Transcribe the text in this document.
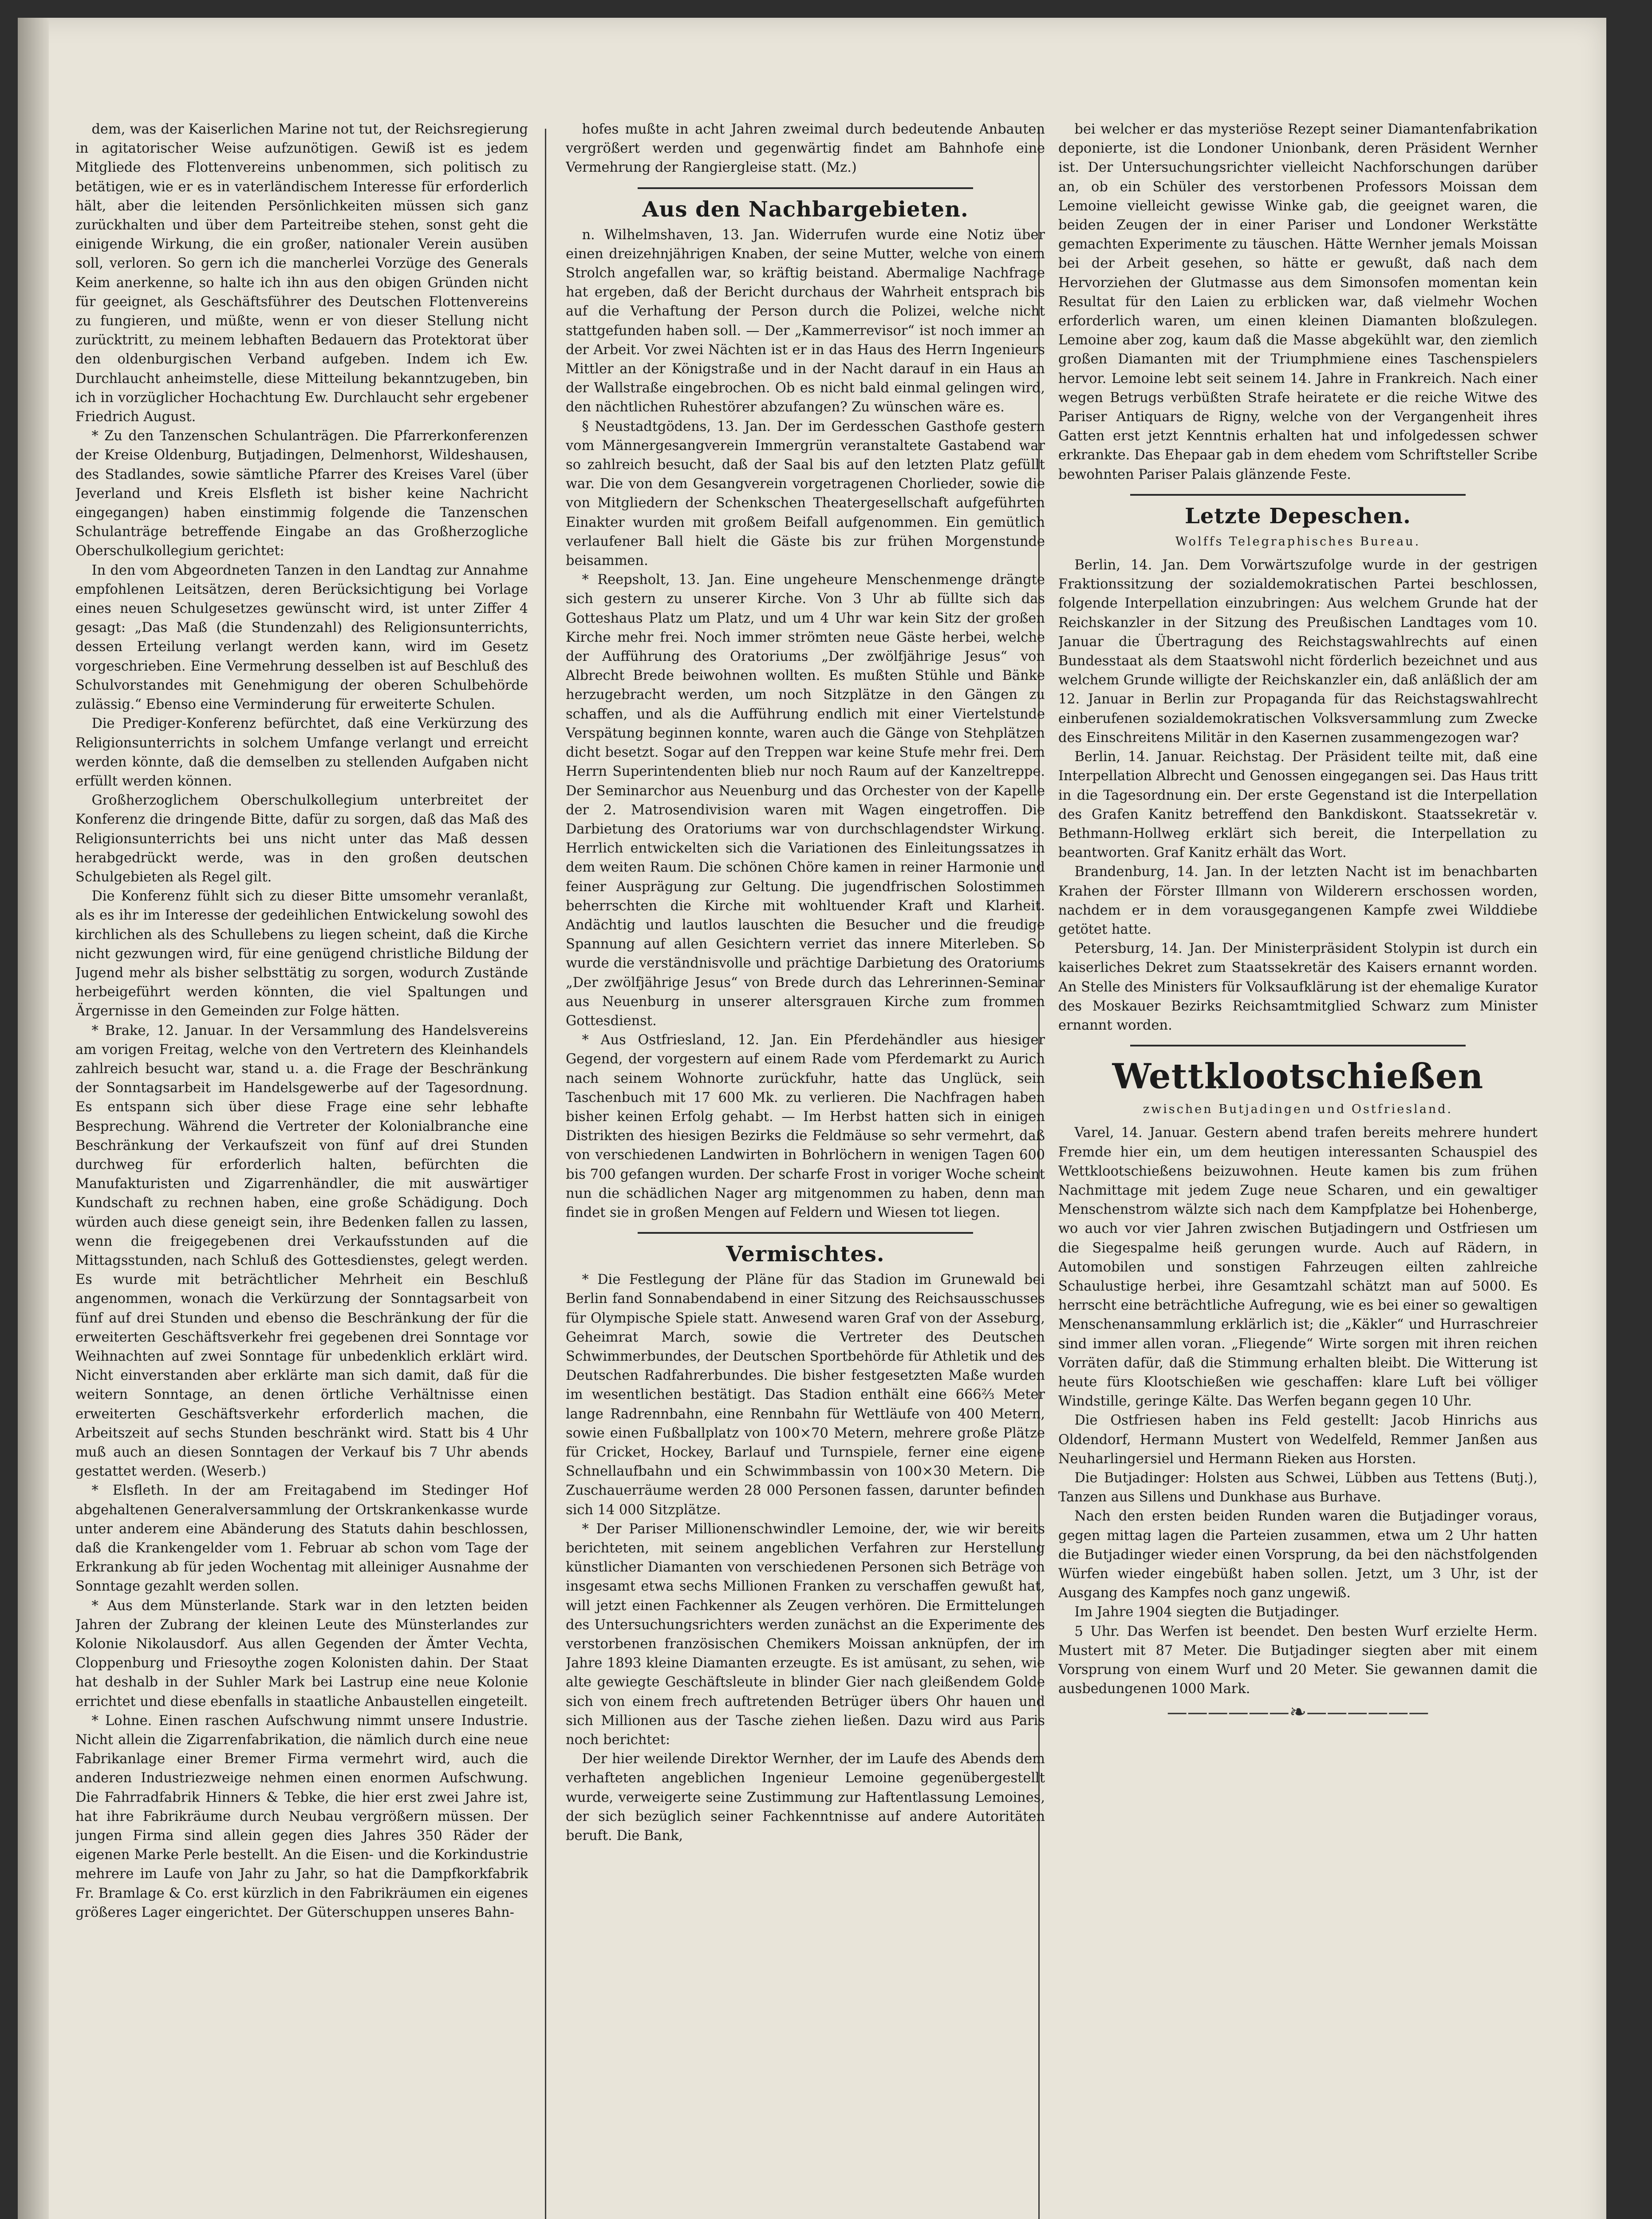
dem, was der Kaiserlichen Marine not tut, der Reichsregierung in agitatorischer Weise aufzunötigen. Gewiß ist es jedem Mitgliede des Flottenvereins unbenommen, sich politisch zu betätigen, wie er es in vaterländischem Interesse für erforderlich hält, aber die leitenden Persönlichkeiten müssen sich ganz zurückhalten und über dem Parteitreibe stehen, sonst geht die einigende Wirkung, die ein großer, nationaler Verein ausüben soll, verloren. So gern ich die mancherlei Vorzüge des Generals Keim anerkenne, so halte ich ihn aus den obigen Gründen nicht für geeignet, als Geschäftsführer des Deutschen Flottenvereins zu fungieren, und müßte, wenn er von dieser Stellung nicht zurücktritt, zu meinem lebhaften Bedauern das Protektorat über den oldenburgischen Verband aufgeben. Indem ich Ew. Durchlaucht anheimstelle, diese Mitteilung bekanntzugeben, bin ich in vorzüglicher Hochachtung Ew. Durchlaucht sehr ergebener Friedrich August.

* Zu den Tanzenschen Schulanträgen. Die Pfarrerkonferenzen der Kreise Oldenburg, Butjadingen, Delmenhorst, Wildeshausen, des Stadlandes, sowie sämtliche Pfarrer des Kreises Varel (über Jeverland und Kreis Elsfleth ist bisher keine Nachricht eingegangen) haben einstimmig folgende die Tanzenschen Schulanträge betreffende Eingabe an das Großherzogliche Oberschulkollegium gerichtet:

In den vom Abgeordneten Tanzen in den Landtag zur Annahme empfohlenen Leitsätzen, deren Berücksichtigung bei Vorlage eines neuen Schulgesetzes gewünscht wird, ist unter Ziffer 4 gesagt: „Das Maß (die Stundenzahl) des Religionsunterrichts, dessen Erteilung verlangt werden kann, wird im Gesetz vorgeschrieben. Eine Vermehrung desselben ist auf Beschluß des Schulvorstandes mit Genehmigung der oberen Schulbehörde zulässig.“ Ebenso eine Verminderung für erweiterte Schulen.

Die Prediger-Konferenz befürchtet, daß eine Verkürzung des Religionsunterrichts in solchem Umfange verlangt und erreicht werden könnte, daß die demselben zu stellenden Aufgaben nicht erfüllt werden können.

Großherzoglichem Oberschulkollegium unterbreitet der Konferenz die dringende Bitte, dafür zu sorgen, daß das Maß des Religionsunterrichts bei uns nicht unter das Maß dessen herabgedrückt werde, was in den großen deutschen Schulgebieten als Regel gilt.

Die Konferenz fühlt sich zu dieser Bitte umsomehr veranlaßt, als es ihr im Interesse der gedeihlichen Entwickelung sowohl des kirchlichen als des Schullebens zu liegen scheint, daß die Kirche nicht gezwungen wird, für eine genügend christliche Bildung der Jugend mehr als bisher selbsttätig zu sorgen, wodurch Zustände herbeigeführt werden könnten, die viel Spaltungen und Ärgernisse in den Gemeinden zur Folge hätten.

* Brake, 12. Januar. In der Versammlung des Handelsvereins am vorigen Freitag, welche von den Vertretern des Kleinhandels zahlreich besucht war, stand u. a. die Frage der Beschränkung der Sonntagsarbeit im Handelsgewerbe auf der Tagesordnung. Es entspann sich über diese Frage eine sehr lebhafte Besprechung. Während die Vertreter der Kolonialbranche eine Beschränkung der Verkaufszeit von fünf auf drei Stunden durchweg für erforderlich halten, befürchten die Manufakturisten und Zigarrenhändler, die mit auswärtiger Kundschaft zu rechnen haben, eine große Schädigung. Doch würden auch diese geneigt sein, ihre Bedenken fallen zu lassen, wenn die freigegebenen drei Verkaufsstunden auf die Mittagsstunden, nach Schluß des Gottesdienstes, gelegt werden. Es wurde mit beträchtlicher Mehrheit ein Beschluß angenommen, wonach die Verkürzung der Sonntagsarbeit von fünf auf drei Stunden und ebenso die Beschränkung der für die erweiterten Geschäftsverkehr frei gegebenen drei Sonntage vor Weihnachten auf zwei Sonntage für unbedenklich erklärt wird. Nicht einverstanden aber erklärte man sich damit, daß für die weitern Sonntage, an denen örtliche Verhältnisse einen erweiterten Geschäftsverkehr erforderlich machen, die Arbeitszeit auf sechs Stunden beschränkt wird. Statt bis 4 Uhr muß auch an diesen Sonntagen der Verkauf bis 7 Uhr abends gestattet werden. (Weserb.)

* Elsfleth. In der am Freitagabend im Stedinger Hof abgehaltenen Generalversammlung der Ortskrankenkasse wurde unter anderem eine Abänderung des Statuts dahin beschlossen, daß die Krankengelder vom 1. Februar ab schon vom Tage der Erkrankung ab für jeden Wochentag mit alleiniger Ausnahme der Sonntage gezahlt werden sollen.

* Aus dem Münsterlande. Stark war in den letzten beiden Jahren der Zubrang der kleinen Leute des Münsterlandes zur Kolonie Nikolausdorf. Aus allen Gegenden der Ämter Vechta, Cloppenburg und Friesoythe zogen Kolonisten dahin. Der Staat hat deshalb in der Suhler Mark bei Lastrup eine neue Kolonie errichtet und diese ebenfalls in staatliche Anbaustellen eingeteilt.

* Lohne. Einen raschen Aufschwung nimmt unsere Industrie. Nicht allein die Zigarrenfabrikation, die nämlich durch eine neue Fabrikanlage einer Bremer Firma vermehrt wird, auch die anderen Industriezweige nehmen einen enormen Aufschwung. Die Fahrradfabrik Hinners & Tebke, die hier erst zwei Jahre ist, hat ihre Fabrikräume durch Neubau vergrößern müssen. Der jungen Firma sind allein gegen dies Jahres 350 Räder der eigenen Marke Perle bestellt. An die Eisen- und die Korkindustrie mehrere im Laufe von Jahr zu Jahr, so hat die Dampfkorkfabrik Fr. Bramlage & Co. erst kürzlich in den Fabrikräumen ein eigenes größeres Lager eingerichtet. Der Güterschuppen unseres Bahn-

hofes mußte in acht Jahren zweimal durch bedeutende Anbauten vergrößert werden und gegenwärtig findet am Bahnhofe eine Vermehrung der Rangiergleise statt. (Mz.)

Aus den Nachbargebieten.

n. Wilhelmshaven, 13. Jan. Widerrufen wurde eine Notiz über einen dreizehnjährigen Knaben, der seine Mutter, welche von einem Strolch angefallen war, so kräftig beistand. Abermalige Nachfrage hat ergeben, daß der Bericht durchaus der Wahrheit entsprach bis auf die Verhaftung der Person durch die Polizei, welche nicht stattgefunden haben soll. — Der „Kammerrevisor“ ist noch immer an der Arbeit. Vor zwei Nächten ist er in das Haus des Herrn Ingenieurs Mittler an der Königstraße und in der Nacht darauf in ein Haus an der Wallstraße eingebrochen. Ob es nicht bald einmal gelingen wird, den nächtlichen Ruhestörer abzufangen? Zu wünschen wäre es.

§ Neustadtgödens, 13. Jan. Der im Gerdesschen Gasthofe gestern vom Männergesangverein Immergrün veranstaltete Gastabend war so zahlreich besucht, daß der Saal bis auf den letzten Platz gefüllt war. Die von dem Gesangverein vorgetragenen Chorlieder, sowie die von Mitgliedern der Schenkschen Theatergesellschaft aufgeführten Einakter wurden mit großem Beifall aufgenommen. Ein gemütlich verlaufener Ball hielt die Gäste bis zur frühen Morgenstunde beisammen.

* Reepsholt, 13. Jan. Eine ungeheure Menschenmenge drängte sich gestern zu unserer Kirche. Von 3 Uhr ab füllte sich das Gotteshaus Platz um Platz, und um 4 Uhr war kein Sitz der großen Kirche mehr frei. Noch immer strömten neue Gäste herbei, welche der Aufführung des Oratoriums „Der zwölfjährige Jesus“ von Albrecht Brede beiwohnen wollten. Es mußten Stühle und Bänke herzugebracht werden, um noch Sitzplätze in den Gängen zu schaffen, und als die Aufführung endlich mit einer Viertelstunde Verspätung beginnen konnte, waren auch die Gänge von Stehplätzen dicht besetzt. Sogar auf den Treppen war keine Stufe mehr frei. Dem Herrn Superintendenten blieb nur noch Raum auf der Kanzeltreppe. Der Seminarchor aus Neuenburg und das Orchester von der Kapelle der 2. Matrosendivision waren mit Wagen eingetroffen. Die Darbietung des Oratoriums war von durchschlagendster Wirkung. Herrlich entwickelten sich die Variationen des Einleitungssatzes in dem weiten Raum. Die schönen Chöre kamen in reiner Harmonie und feiner Ausprägung zur Geltung. Die jugendfrischen Solostimmen beherrschten die Kirche mit wohltuender Kraft und Klarheit. Andächtig und lautlos lauschten die Besucher und die freudige Spannung auf allen Gesichtern verriet das innere Miterleben. So wurde die verständnisvolle und prächtige Darbietung des Oratoriums „Der zwölfjährige Jesus“ von Brede durch das Lehrerinnen-Seminar aus Neuenburg in unserer altersgrauen Kirche zum frommen Gottesdienst.

* Aus Ostfriesland, 12. Jan. Ein Pferdehändler aus hiesiger Gegend, der vorgestern auf einem Rade vom Pferdemarkt zu Aurich nach seinem Wohnorte zurückfuhr, hatte das Unglück, sein Taschenbuch mit 17 600 Mk. zu verlieren. Die Nachfragen haben bisher keinen Erfolg gehabt. — Im Herbst hatten sich in einigen Distrikten des hiesigen Bezirks die Feldmäuse so sehr vermehrt, daß von verschiedenen Landwirten in Bohrlöchern in wenigen Tagen 600 bis 700 gefangen wurden. Der scharfe Frost in voriger Woche scheint nun die schädlichen Nager arg mitgenommen zu haben, denn man findet sie in großen Mengen auf Feldern und Wiesen tot liegen.

Vermischtes.

* Die Festlegung der Pläne für das Stadion im Grunewald bei Berlin fand Sonnabendabend in einer Sitzung des Reichsausschusses für Olympische Spiele statt. Anwesend waren Graf von der Asseburg, Geheimrat March, sowie die Vertreter des Deutschen Schwimmerbundes, der Deutschen Sportbehörde für Athletik und des Deutschen Radfahrerbundes. Die bisher festgesetzten Maße wurden im wesentlichen bestätigt. Das Stadion enthält eine 666⅔ Meter lange Radrennbahn, eine Rennbahn für Wettläufe von 400 Metern, sowie einen Fußballplatz von 100×70 Metern, mehrere große Plätze für Cricket, Hockey, Barlauf und Turnspiele, ferner eine eigene Schnellaufbahn und ein Schwimmbassin von 100×30 Metern. Die Zuschauerräume werden 28 000 Personen fassen, darunter befinden sich 14 000 Sitzplätze.

* Der Pariser Millionenschwindler Lemoine, der, wie wir bereits berichteten, mit seinem angeblichen Verfahren zur Herstellung künstlicher Diamanten von verschiedenen Personen sich Beträge von insgesamt etwa sechs Millionen Franken zu verschaffen gewußt hat, will jetzt einen Fachkenner als Zeugen verhören. Die Ermittelungen des Untersuchungsrichters werden zunächst an die Experimente des verstorbenen französischen Chemikers Moissan anknüpfen, der im Jahre 1893 kleine Diamanten erzeugte. Es ist amüsant, zu sehen, wie alte gewiegte Geschäftsleute in blinder Gier nach gleißendem Golde sich von einem frech auftretenden Betrüger übers Ohr hauen und sich Millionen aus der Tasche ziehen ließen. Dazu wird aus Paris noch berichtet:

Der hier weilende Direktor Wernher, der im Laufe des Abends dem verhafteten angeblichen Ingenieur Lemoine gegenübergestellt wurde, verweigerte seine Zustimmung zur Haftentlassung Lemoines, der sich bezüglich seiner Fachkenntnisse auf andere Autoritäten beruft. Die Bank,

bei welcher er das mysteriöse Rezept seiner Diamantenfabrikation deponierte, ist die Londoner Unionbank, deren Präsident Wernher ist. Der Untersuchungsrichter vielleicht Nachforschungen darüber an, ob ein Schüler des verstorbenen Professors Moissan dem Lemoine vielleicht gewisse Winke gab, die geeignet waren, die beiden Zeugen der in einer Pariser und Londoner Werkstätte gemachten Experimente zu täuschen. Hätte Wernher jemals Moissan bei der Arbeit gesehen, so hätte er gewußt, daß nach dem Hervorziehen der Glutmasse aus dem Simonsofen momentan kein Resultat für den Laien zu erblicken war, daß vielmehr Wochen erforderlich waren, um einen kleinen Diamanten bloßzulegen. Lemoine aber zog, kaum daß die Masse abgekühlt war, den ziemlich großen Diamanten mit der Triumphmiene eines Taschenspielers hervor. Lemoine lebt seit seinem 14. Jahre in Frankreich. Nach einer wegen Betrugs verbüßten Strafe heiratete er die reiche Witwe des Pariser Antiquars de Rigny, welche von der Vergangenheit ihres Gatten erst jetzt Kenntnis erhalten hat und infolgedessen schwer erkrankte. Das Ehepaar gab in dem ehedem vom Schriftsteller Scribe bewohnten Pariser Palais glänzende Feste.

Letzte Depeschen.
Wolffs Telegraphisches Bureau.

Berlin, 14. Jan. Dem Vorwärtszufolge wurde in der gestrigen Fraktionssitzung der sozialdemokratischen Partei beschlossen, folgende Interpellation einzubringen: Aus welchem Grunde hat der Reichskanzler in der Sitzung des Preußischen Landtages vom 10. Januar die Übertragung des Reichstagswahlrechts auf einen Bundesstaat als dem Staatswohl nicht förderlich bezeichnet und aus welchem Grunde willigte der Reichskanzler ein, daß anläßlich der am 12. Januar in Berlin zur Propaganda für das Reichstagswahlrecht einberufenen sozialdemokratischen Volksversammlung zum Zwecke des Einschreitens Militär in den Kasernen zusammengezogen war?

Berlin, 14. Januar. Reichstag. Der Präsident teilte mit, daß eine Interpellation Albrecht und Genossen eingegangen sei. Das Haus tritt in die Tagesordnung ein. Der erste Gegenstand ist die Interpellation des Grafen Kanitz betreffend den Bankdiskont. Staatssekretär v. Bethmann-Hollweg erklärt sich bereit, die Interpellation zu beantworten. Graf Kanitz erhält das Wort.

Brandenburg, 14. Jan. In der letzten Nacht ist im benachbarten Krahen der Förster Illmann von Wilderern erschossen worden, nachdem er in dem vorausgegangenen Kampfe zwei Wilddiebe getötet hatte.

Petersburg, 14. Jan. Der Ministerpräsident Stolypin ist durch ein kaiserliches Dekret zum Staatssekretär des Kaisers ernannt worden. An Stelle des Ministers für Volksaufklärung ist der ehemalige Kurator des Moskauer Bezirks Reichsamtmitglied Schwarz zum Minister ernannt worden.

Wettklootschießen
zwischen Butjadingen und Ostfriesland.

Varel, 14. Januar. Gestern abend trafen bereits mehrere hundert Fremde hier ein, um dem heutigen interessanten Schauspiel des Wettklootschießens beizuwohnen. Heute kamen bis zum frühen Nachmittage mit jedem Zuge neue Scharen, und ein gewaltiger Menschenstrom wälzte sich nach dem Kampfplatze bei Hohenberge, wo auch vor vier Jahren zwischen Butjadingern und Ostfriesen um die Siegespalme heiß gerungen wurde. Auch auf Rädern, in Automobilen und sonstigen Fahrzeugen eilten zahlreiche Schaulustige herbei, ihre Gesamtzahl schätzt man auf 5000. Es herrscht eine beträchtliche Aufregung, wie es bei einer so gewaltigen Menschenansammlung erklärlich ist; die „Käkler“ und Hurraschreier sind immer allen voran. „Fliegende“ Wirte sorgen mit ihren reichen Vorräten dafür, daß die Stimmung erhalten bleibt. Die Witterung ist heute fürs Klootschießen wie geschaffen: klare Luft bei völliger Windstille, geringe Kälte. Das Werfen begann gegen 10 Uhr.

Die Ostfriesen haben ins Feld gestellt: Jacob Hinrichs aus Oldendorf, Hermann Mustert von Wedelfeld, Remmer Janßen aus Neuharlingersiel und Hermann Rieken aus Horsten.

Die Butjadinger: Holsten aus Schwei, Lübben aus Tettens (Butj.), Tanzen aus Sillens und Dunkhase aus Burhave.

Nach den ersten beiden Runden waren die Butjadinger voraus, gegen mittag lagen die Parteien zusammen, etwa um 2 Uhr hatten die Butjadinger wieder einen Vorsprung, da bei den nächstfolgenden Würfen wieder eingebüßt haben sollen. Jetzt, um 3 Uhr, ist der Ausgang des Kampfes noch ganz ungewiß.

Im Jahre 1904 siegten die Butjadinger.

5 Uhr. Das Werfen ist beendet. Den besten Wurf erzielte Herm. Mustert mit 87 Meter. Die Butjadinger siegten aber mit einem Vorsprung von einem Wurf und 20 Meter. Sie gewannen damit die ausbedungenen 1000 Mark.

——————❧——————
